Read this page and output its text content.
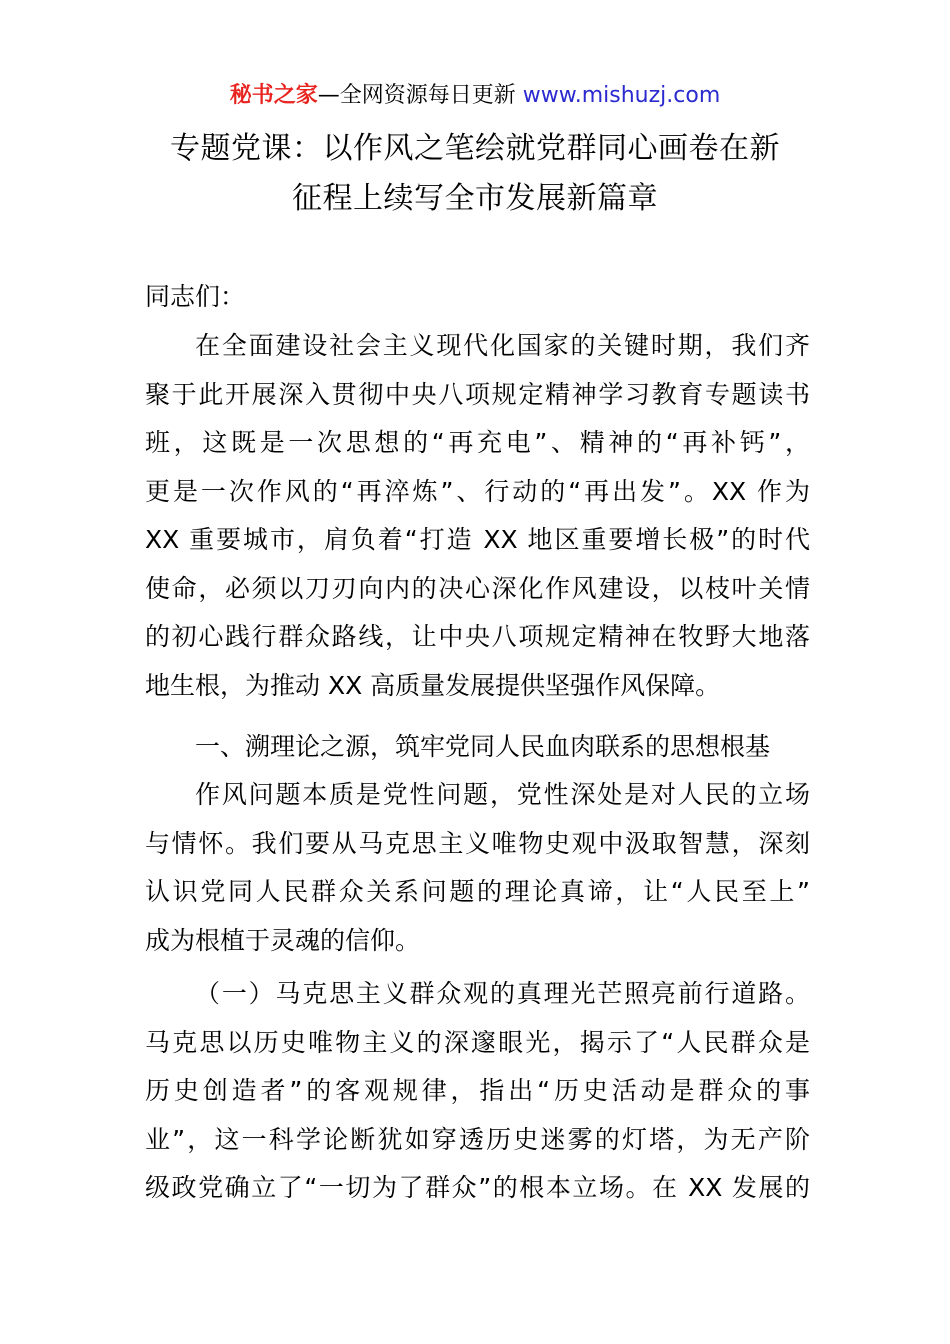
秘书之家—全网资源每日更新 www.mishuzj.com
专题党课：以作风之笔绘就党群同心画卷在新
征程上续写全市发展新篇章
同志们：
在全面建设社会主义现代化国家的关键时期，我们齐
聚于此开展深入贯彻中央八项规定精神学习教育专题读书
班，这既是一次思想的“再充电”、精神的“再补钙”，
更是一次作风的“再淬炼”、行动的“再出发”。XX 作为
XX 重要城市，肩负着“打造 XX 地区重要增长极”的时代
使命，必须以刀刃向内的决心深化作风建设，以枝叶关情
的初心践行群众路线，让中央八项规定精神在牧野大地落
地生根，为推动 XX 高质量发展提供坚强作风保障。
一、溯理论之源，筑牢党同人民血肉联系的思想根基
作风问题本质是党性问题，党性深处是对人民的立场
与情怀。我们要从马克思主义唯物史观中汲取智慧，深刻
认识党同人民群众关系问题的理论真谛，让“人民至上”
成为根植于灵魂的信仰。
（一）马克思主义群众观的真理光芒照亮前行道路。
马克思以历史唯物主义的深邃眼光，揭示了“人民群众是
历史创造者”的客观规律，指出“历史活动是群众的事
业”，这一科学论断犹如穿透历史迷雾的灯塔，为无产阶
级政党确立了“一切为了群众”的根本立场。在 XX 发展的
